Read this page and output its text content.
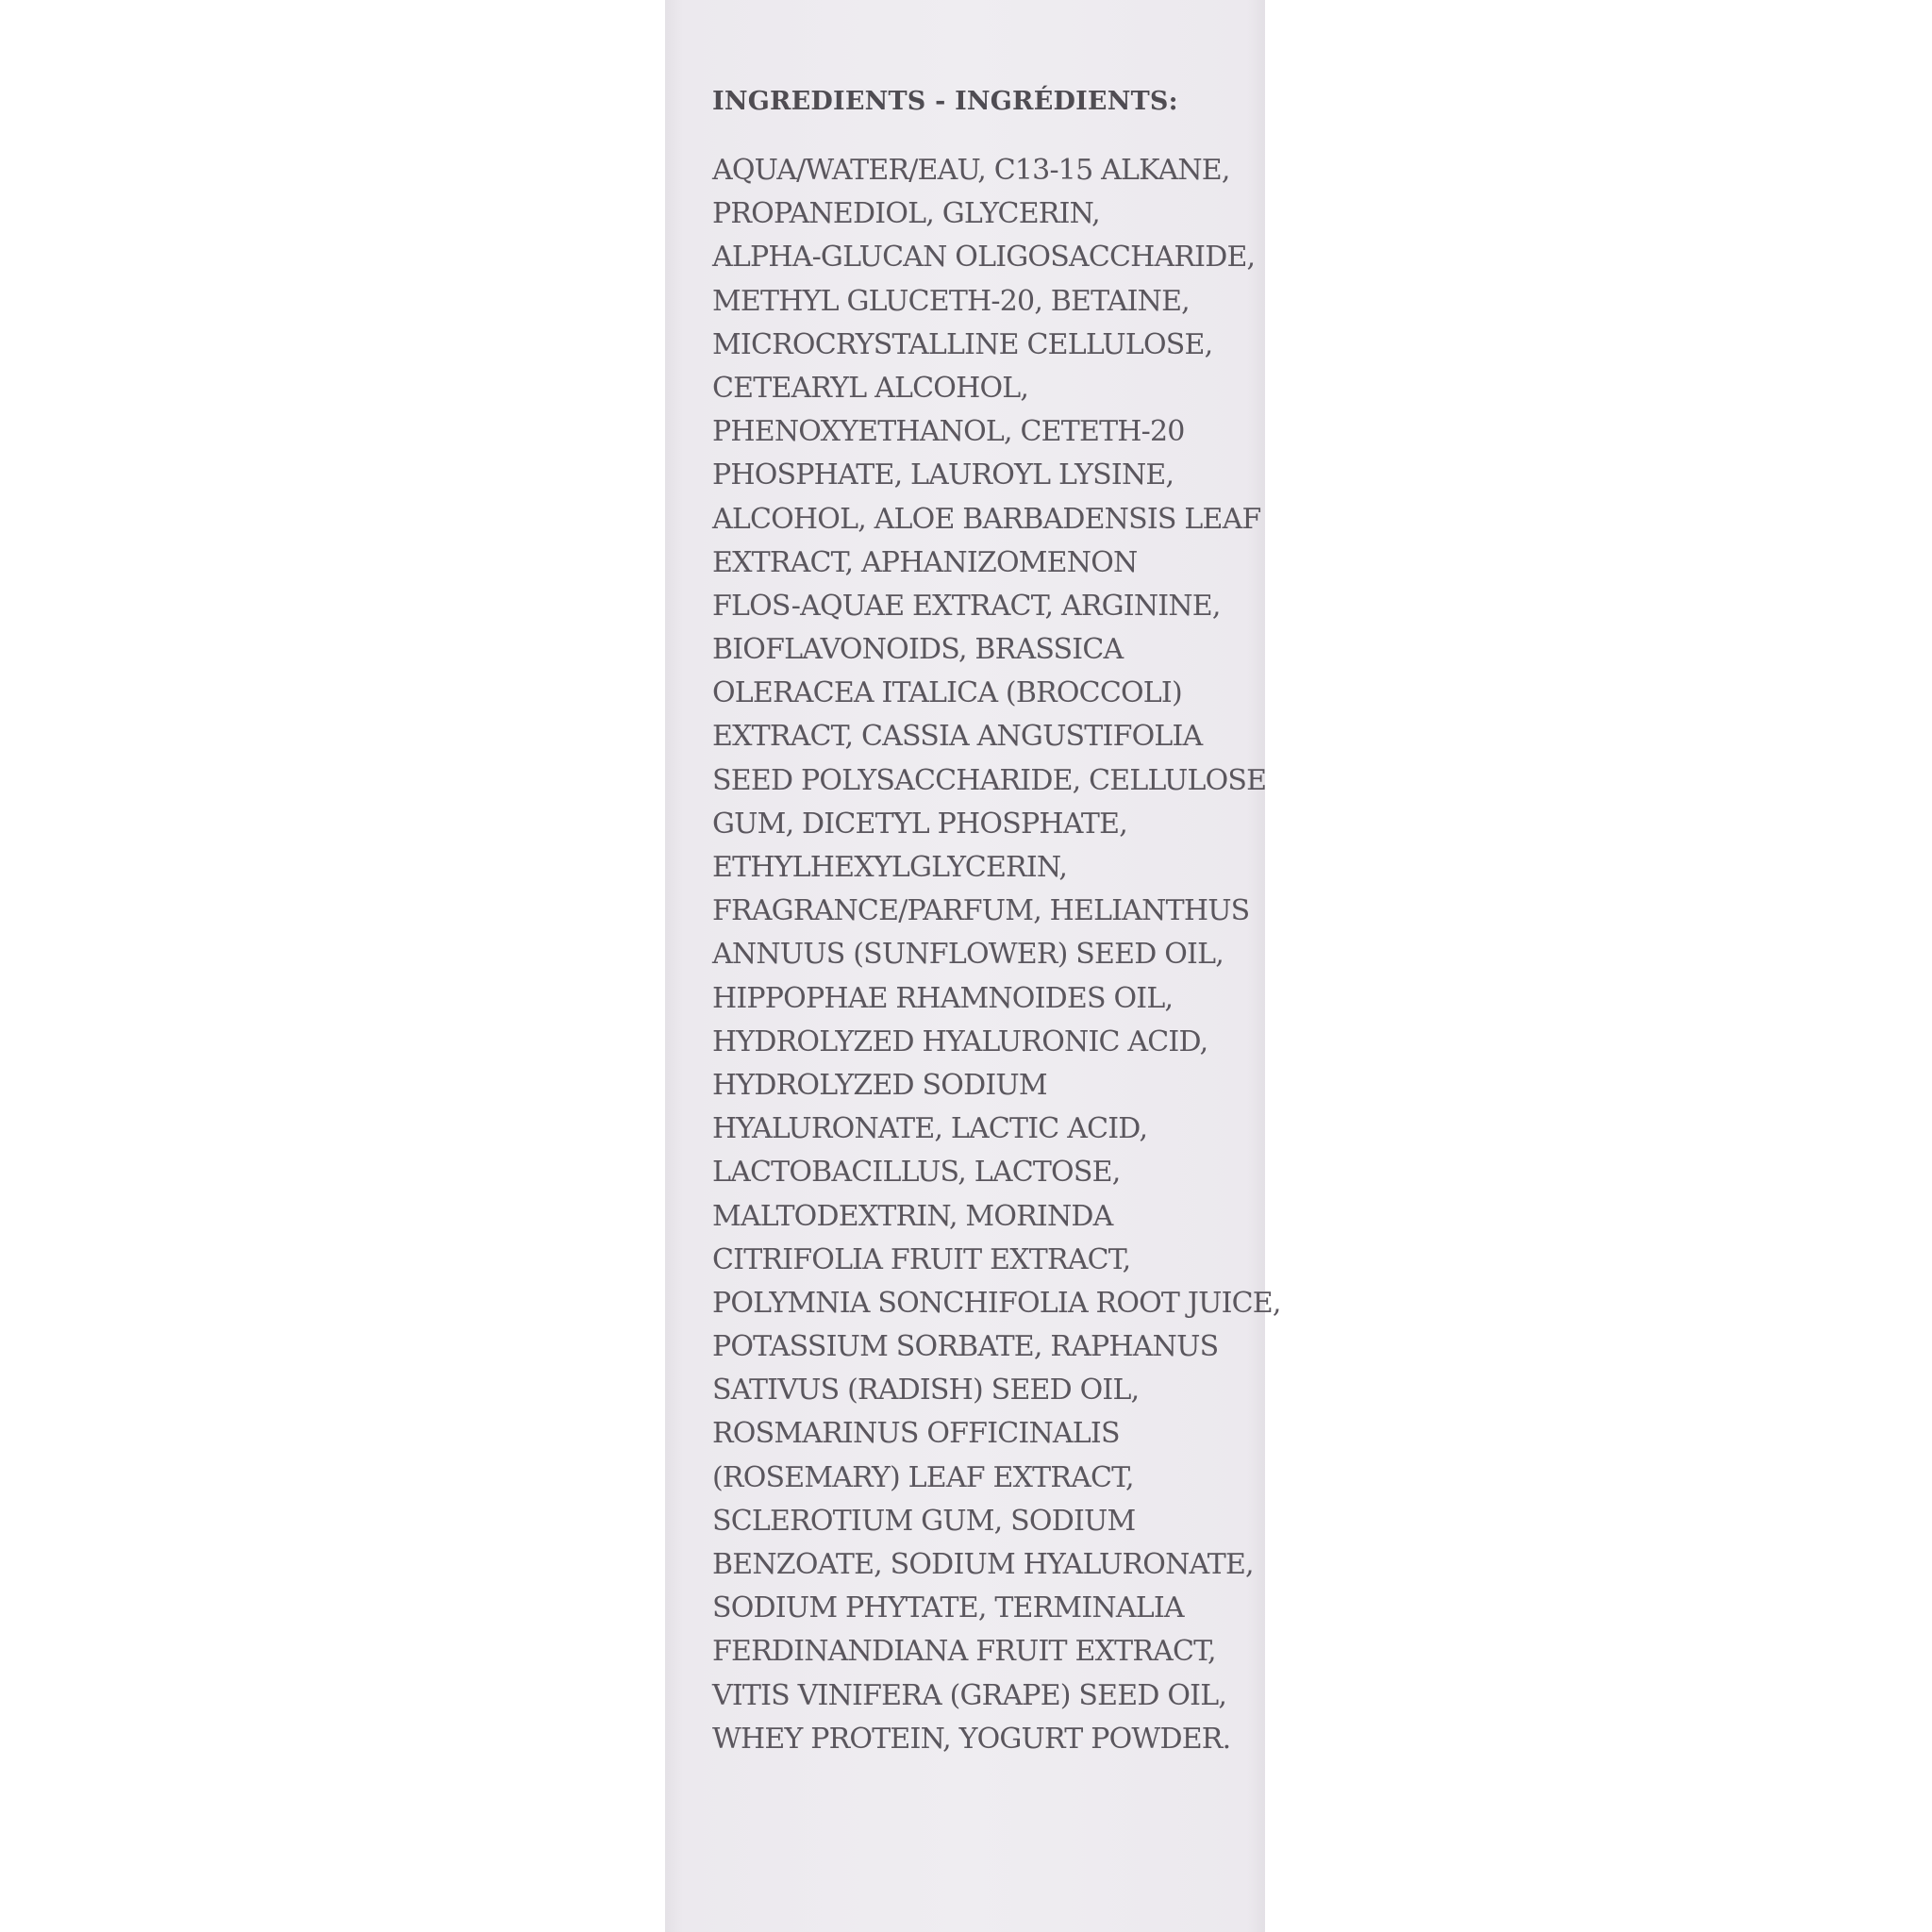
INGREDIENTS - INGRÉDIENTS:
AQUA/WATER/EAU, C13-15 ALKANE,
PROPANEDIOL, GLYCERIN,
ALPHA-GLUCAN OLIGOSACCHARIDE,
METHYL GLUCETH-20, BETAINE,
MICROCRYSTALLINE CELLULOSE,
CETEARYL ALCOHOL,
PHENOXYETHANOL, CETETH-20
PHOSPHATE, LAUROYL LYSINE,
ALCOHOL, ALOE BARBADENSIS LEAF
EXTRACT, APHANIZOMENON
FLOS-AQUAE EXTRACT, ARGININE,
BIOFLAVONOIDS, BRASSICA
OLERACEA ITALICA (BROCCOLI)
EXTRACT, CASSIA ANGUSTIFOLIA
SEED POLYSACCHARIDE, CELLULOSE
GUM, DICETYL PHOSPHATE,
ETHYLHEXYLGLYCERIN,
FRAGRANCE/PARFUM, HELIANTHUS
ANNUUS (SUNFLOWER) SEED OIL,
HIPPOPHAE RHAMNOIDES OIL,
HYDROLYZED HYALURONIC ACID,
HYDROLYZED SODIUM
HYALURONATE, LACTIC ACID,
LACTOBACILLUS, LACTOSE,
MALTODEXTRIN, MORINDA
CITRIFOLIA FRUIT EXTRACT,
POLYMNIA SONCHIFOLIA ROOT JUICE,
POTASSIUM SORBATE, RAPHANUS
SATIVUS (RADISH) SEED OIL,
ROSMARINUS OFFICINALIS
(ROSEMARY) LEAF EXTRACT,
SCLEROTIUM GUM, SODIUM
BENZOATE, SODIUM HYALURONATE,
SODIUM PHYTATE, TERMINALIA
FERDINANDIANA FRUIT EXTRACT,
VITIS VINIFERA (GRAPE) SEED OIL,
WHEY PROTEIN, YOGURT POWDER.
